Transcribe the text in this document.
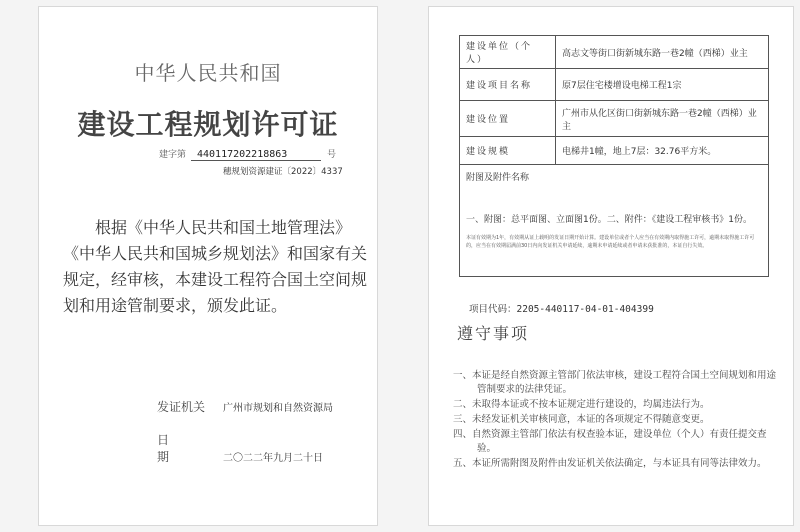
中华人民共和国
建设工程规划许可证
建字第 440117202218863	号
穗规划资源建证〔2022〕4337
根据《中华人民共和国土地管理法》《中华人民共和国城乡规划法》和国家有关规定，经审核，本建设工程符合国土空间规划和用途管制要求，颁发此证。
发证机关 广州市规划和自然资源局
日期	二〇二二年九月二十日
建设单位（个人）	高志文等街口街新城东路一巷2幢（西梯）业主
建设项目名称	原7层住宅楼增设电梯工程1宗
建设位置	广州市从化区街口街新城东路一巷2幢（西梯）业主
建设规模	电梯井1幢，地上7层：32.76平方米。

附图及附件名称
一、附图：总平面图、立面图1份。二、附件：《建设工程审核书》1份。
本证有效期为1年，有效期从证上载明的发证日期开始计算。建设单位或者个人应当在有效期内取得施工许可，逾期未取得施工许可的，应当在有效期届满前30日内向发证机关申请延续，逾期未申请延续或者申请未获批准的，本证自行失效。	
项目代码：2205-440117-04-01-404399
遵守事项
一、本证是经自然资源主管部门依法审核，建设工程符合国土空间规划和用途管制要求的法律凭证。
二、未取得本证或不按本证规定进行建设的，均属违法行为。
三、未经发证机关审核同意，本证的各项规定不得随意变更。
四、自然资源主管部门依法有权查验本证，建设单位（个人）有责任提交查验。
五、本证所需附图及附件由发证机关依法确定，与本证具有同等法律效力。
